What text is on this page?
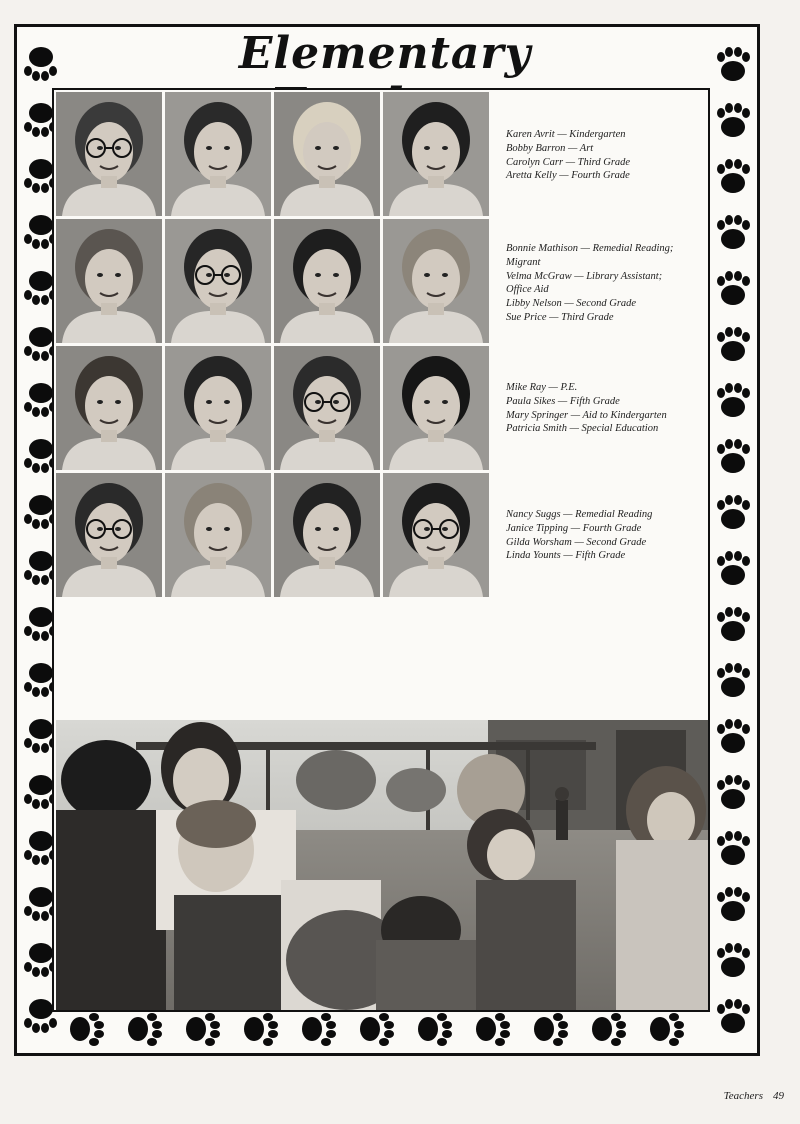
Elementary
Karen Avrit — Kindergarten
Bobby Barron — Art
Carolyn Carr — Third Grade
Aretta Kelly — Fourth Grade
Bonnie Mathison — Remedial Reading;
Migrant
Velma McGraw — Library Assistant;
Office Aid
Libby Nelson — Second Grade
Sue Price — Third Grade
Mike Ray — P.E.
Paula Sikes — Fifth Grade
Mary Springer — Aid to Kindergarten
Patricia Smith — Special Education
Nancy Suggs — Remedial Reading
Janice Tipping — Fourth Grade
Gilda Worsham — Second Grade
Linda Younts — Fifth Grade
Teachers 49
